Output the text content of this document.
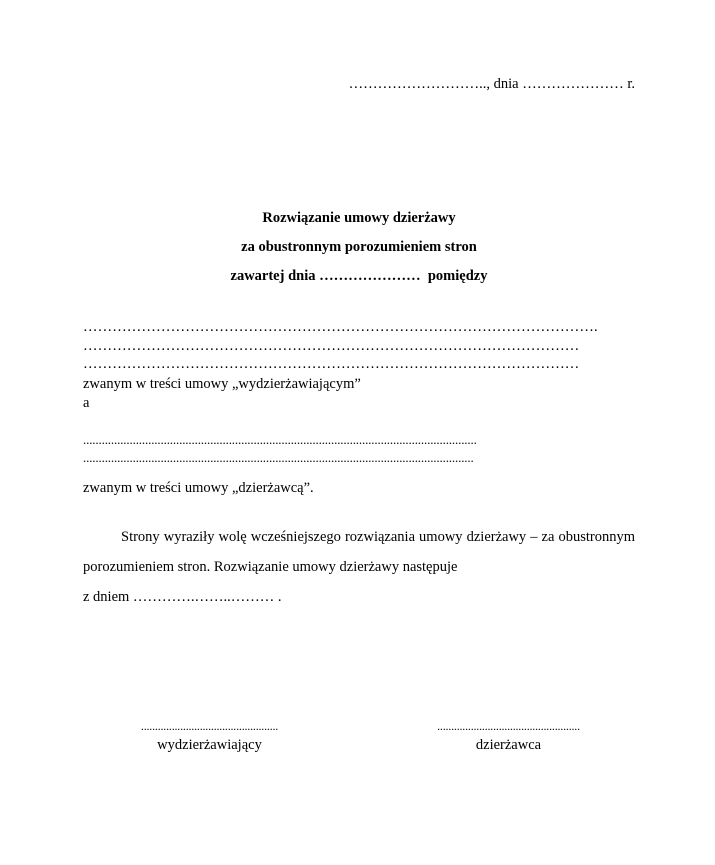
……………………….., dnia ………………… r.
Rozwiązanie umowy dzierżawy
za obustronnym porozumieniem stron
zawartej dnia …………………  pomiędzy
…………………………………………………………………………………………….
…………………………………………………………………………………………
…………………………………………………………………………………………
zwanym w treści umowy „wydzierżawiającym”
a
...............................................................................................................................
..............................................................................................................................
zwanym w treści umowy „dzierżawcą”.

Strony wyraziły wolę wcześniejszego rozwiązania umowy dzierżawy – za obustronnym porozumieniem stron. Rozwiązanie umowy dzierżawy następuje

z dniem ………….……..……… .
.................................................
wydzierżawiający
...................................................
dzierżawca
